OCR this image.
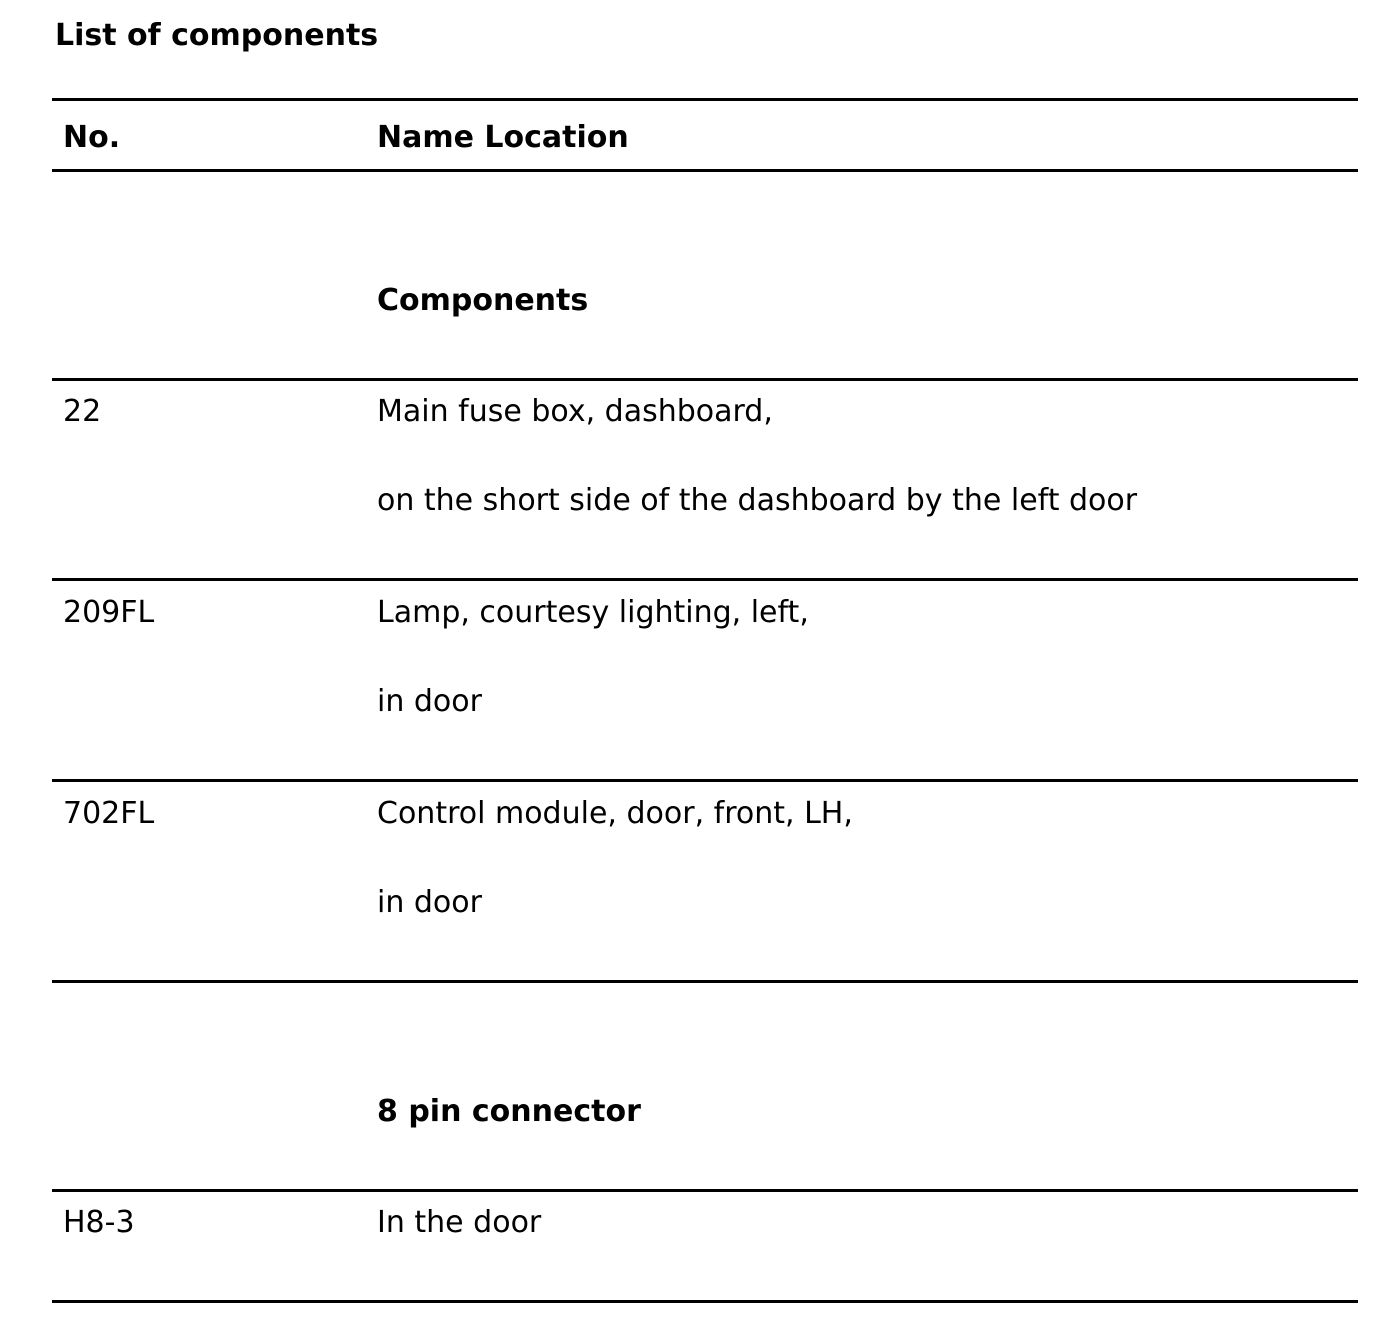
List of components
No.	Name Location
Components
22	Main fuse box, dashboard,
on the short side of the dashboard by the left door
209FL	Lamp, courtesy lighting, left,
in door
702FL	Control module, door, front, LH,
in door
8 pin connector
H8-3	In the door
